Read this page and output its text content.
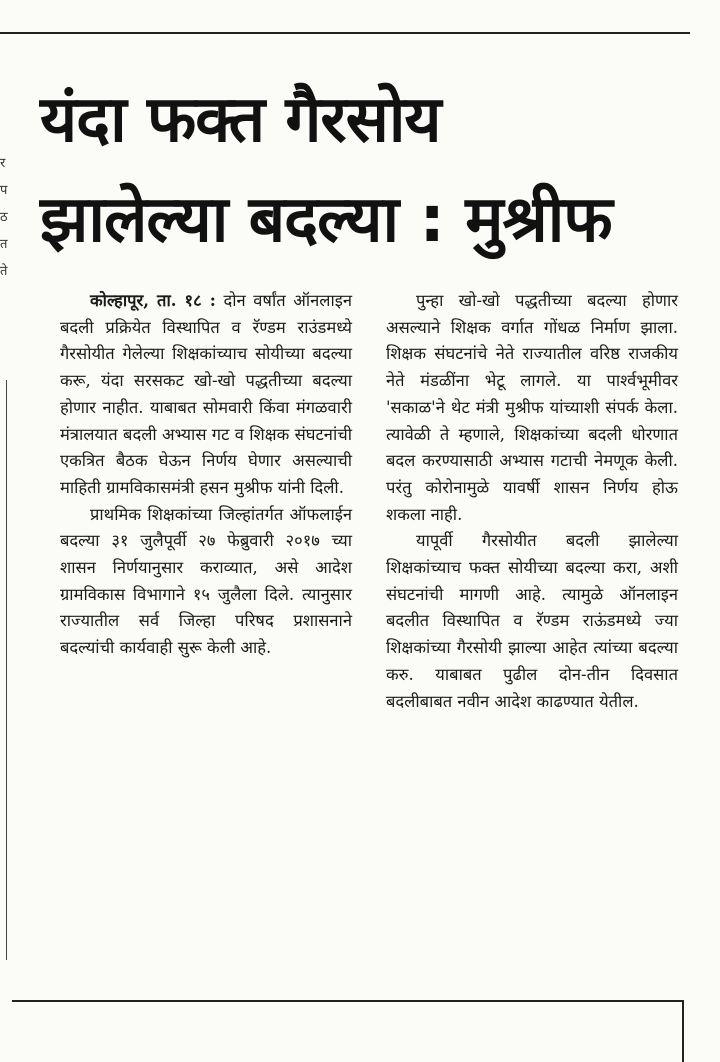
र
प
ठ
त
ते
यंदा फक्त गैरसोय
झालेल्या बदल्या : मुश्रीफ

कोल्हापूर, ता. १८ : दोन वर्षांत ऑनलाइन बदली प्रक्रियेत विस्थापित व रॅण्डम राउंडमध्ये गैरसोयीत गेलेल्या शिक्षकांच्याच सोयीच्या बदल्या करू, यंदा सरसकट खो-खो पद्धतीच्या बदल्या होणार नाहीत. याबाबत सोमवारी किंवा मंगळवारी मंत्रालयात बदली अभ्यास गट व शिक्षक संघटनांची एकत्रित बैठक घेऊन निर्णय घेणार असल्याची माहिती ग्रामविकासमंत्री हसन मुश्रीफ यांनी दिली.

प्राथमिक शिक्षकांच्या जिल्हांतर्गत ऑफलाईन बदल्या ३१ जुलैपूर्वी २७ फेब्रुवारी २०१७ च्या शासन निर्णयानुसार कराव्यात, असे आदेश ग्रामविकास विभागाने १५ जुलैला दिले. त्यानुसार राज्यातील सर्व जिल्हा परिषद प्रशासनाने बदल्यांची कार्यवाही सुरू केली आहे.

पुन्हा खो-खो पद्धतीच्या बदल्या होणार असल्याने शिक्षक वर्गात गोंधळ निर्माण झाला. शिक्षक संघटनांचे नेते राज्यातील वरिष्ठ राजकीय नेते मंडळींना भेटू लागले. या पार्श्वभूमीवर 'सकाळ'ने थेट मंत्री मुश्रीफ यांच्याशी संपर्क केला. त्यावेळी ते म्हणाले, शिक्षकांच्या बदली धोरणात बदल करण्यासाठी अभ्यास गटाची नेमणूक केली. परंतु कोरोनामुळे यावर्षी शासन निर्णय होऊ शकला नाही.

यापूर्वी गैरसोयीत बदली झालेल्या शिक्षकांच्याच फक्त सोयीच्या बदल्या करा, अशी संघटनांची मागणी आहे. त्यामुळे ऑनलाइन बदलीत विस्थापित व रॅण्डम राऊंडमध्ये ज्या शिक्षकांच्या गैरसोयी झाल्या आहेत त्यांच्या बदल्या करु. याबाबत पुढील दोन-तीन दिवसात बदलीबाबत नवीन आदेश काढण्यात येतील.
